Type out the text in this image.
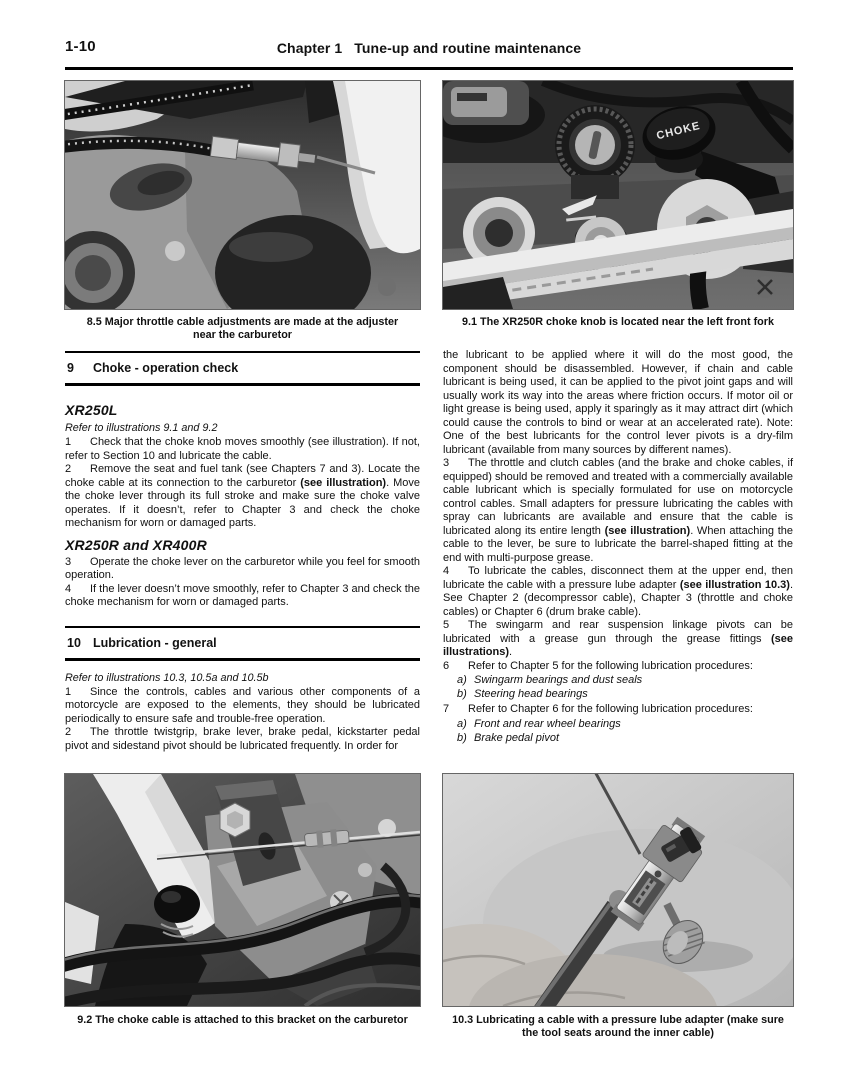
1-10	Chapter 1   Tune-up and routine maintenance
8.5 Major throttle cable adjustments are made at the adjuster near the carburetor
9 Choke - operation check
XR250L
Refer to illustrations 9.1 and 9.2

1 Check that the choke knob moves smoothly (see illustration). If not, refer to Section 10 and lubricate the cable.

2 Remove the seat and fuel tank (see Chapters 7 and 3). Locate the choke cable at its connection to the carburetor (see illustration). Move the choke lever through its full stroke and make sure the choke valve operates. If it doesn’t, refer to Chapter 3 and check the choke mechanism for worn or damaged parts.

XR250R and XR400R

3 Operate the choke lever on the carburetor while you feel for smooth operation.

4 If the lever doesn’t move smoothly, refer to Chapter 3 and check the choke mechanism for worn or damaged parts.

10 Lubrication - general
Refer to illustrations 10.3, 10.5a and 10.5b

1 Since the controls, cables and various other components of a motorcycle are exposed to the elements, they should be lubricated periodically to ensure safe and trouble-free operation.

2 The throttle twistgrip, brake lever, brake pedal, kickstarter pedal pivot and sidestand pivot should be lubricated frequently. In order for

9.2 The choke cable is attached to this bracket on the carburetor
CHOKE
9.1 The XR250R choke knob is located near the left front fork

the lubricant to be applied where it will do the most good, the component should be disassembled. However, if chain and cable lubricant is being used, it can be applied to the pivot joint gaps and will usually work its way into the areas where friction occurs. If motor oil or light grease is being used, apply it sparingly as it may attract dirt (which could cause the controls to bind or wear at an accelerated rate). Note: One of the best lubricants for the control lever pivots is a dry-film lubricant (available from many sources by different names).

3 The throttle and clutch cables (and the brake and choke cables, if equipped) should be removed and treated with a commercially available cable lubricant which is specially formulated for use on motorcycle control cables. Small adapters for pressure lubricating the cables with spray can lubricants are available and ensure that the cable is lubricated along its entire length (see illustration). When attaching the cable to the lever, be sure to lubricate the barrel-shaped fitting at the end with multi-purpose grease.

4 To lubricate the cables, disconnect them at the upper end, then lubricate the cable with a pressure lube adapter (see illustration 10.3). See Chapter 2 (decompressor cable), Chapter 3 (throttle and choke cables) or Chapter 6 (drum brake cable).

5 The swingarm and rear suspension linkage pivots can be lubricated with a grease gun through the grease fittings (see illustrations).

6 Refer to Chapter 5 for the following lubrication procedures:

a) Swingarm bearings and dust seals
b) Steering head bearings

7 Refer to Chapter 6 for the following lubrication procedures:

a) Front and rear wheel bearings
b) Brake pedal pivot
10.3 Lubricating a cable with a pressure lube adapter (make sure the tool seats around the inner cable)
